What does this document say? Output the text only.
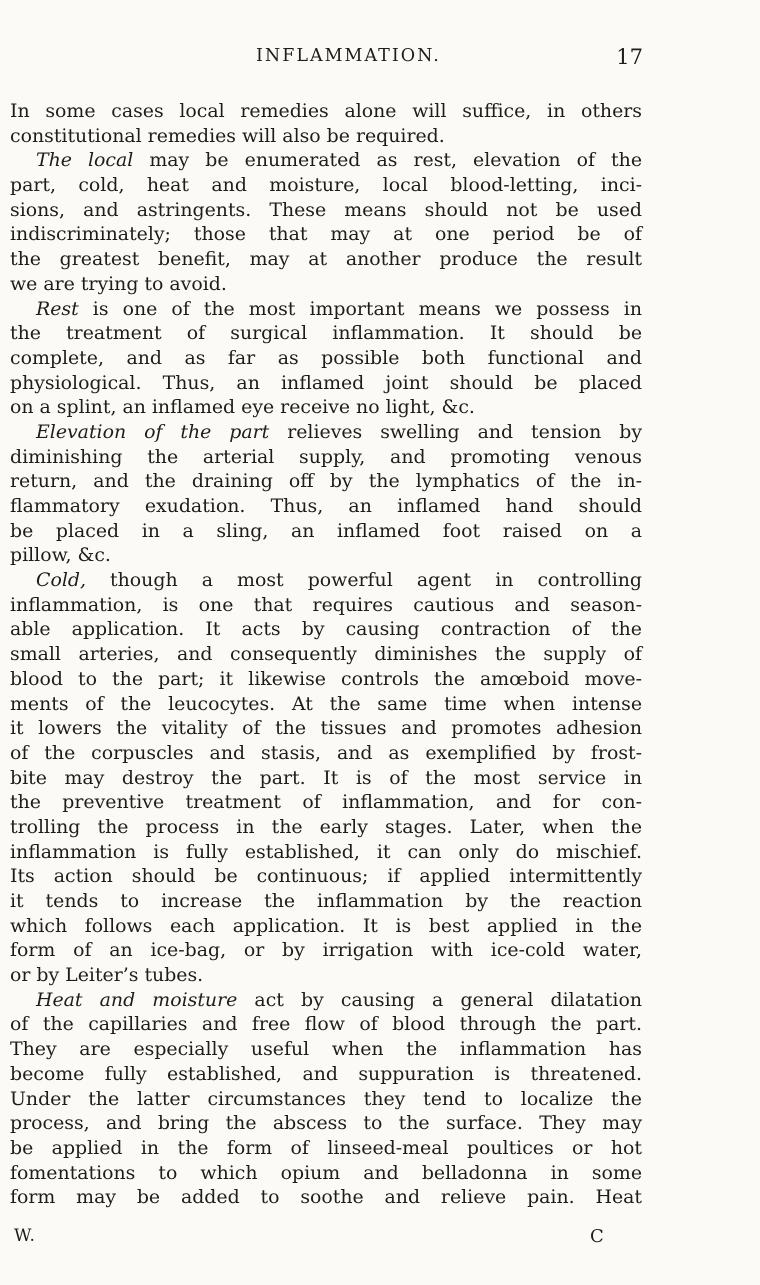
INFLAMMATION.	17
In some cases local remedies alone will suffice, in others
constitutional remedies will also be required.
The local may be enumerated as rest, elevation of the
part, cold, heat and moisture, local blood-letting, inci-
sions, and astringents. These means should not be used
indiscriminately; those that may at one period be of
the greatest benefit, may at another produce the result
we are trying to avoid.
Rest is one of the most important means we possess in
the treatment of surgical inflammation. It should be
complete, and as far as possible both functional and
physiological. Thus, an inflamed joint should be placed
on a splint, an inflamed eye receive no light, &c.
Elevation of the part relieves swelling and tension by
diminishing the arterial supply, and promoting venous
return, and the draining off by the lymphatics of the in-
flammatory exudation. Thus, an inflamed hand should
be placed in a sling, an inflamed foot raised on a
pillow, &c.
Cold, though a most powerful agent in controlling
inflammation, is one that requires cautious and season-
able application. It acts by causing contraction of the
small arteries, and consequently diminishes the supply of
blood to the part; it likewise controls the amœboid move-
ments of the leucocytes. At the same time when intense
it lowers the vitality of the tissues and promotes adhesion
of the corpuscles and stasis, and as exemplified by frost-
bite may destroy the part. It is of the most service in
the preventive treatment of inflammation, and for con-
trolling the process in the early stages. Later, when the
inflammation is fully established, it can only do mischief.
Its action should be continuous; if applied intermittently
it tends to increase the inflammation by the reaction
which follows each application. It is best applied in the
form of an ice-bag, or by irrigation with ice-cold water,
or by Leiter’s tubes.
Heat and moisture act by causing a general dilatation
of the capillaries and free flow of blood through the part.
They are especially useful when the inflammation has
become fully established, and suppuration is threatened.
Under the latter circumstances they tend to localize the
process, and bring the abscess to the surface. They may
be applied in the form of linseed-meal poultices or hot
fomentations to which opium and belladonna in some
form may be added to soothe and relieve pain. Heat
W.	C
